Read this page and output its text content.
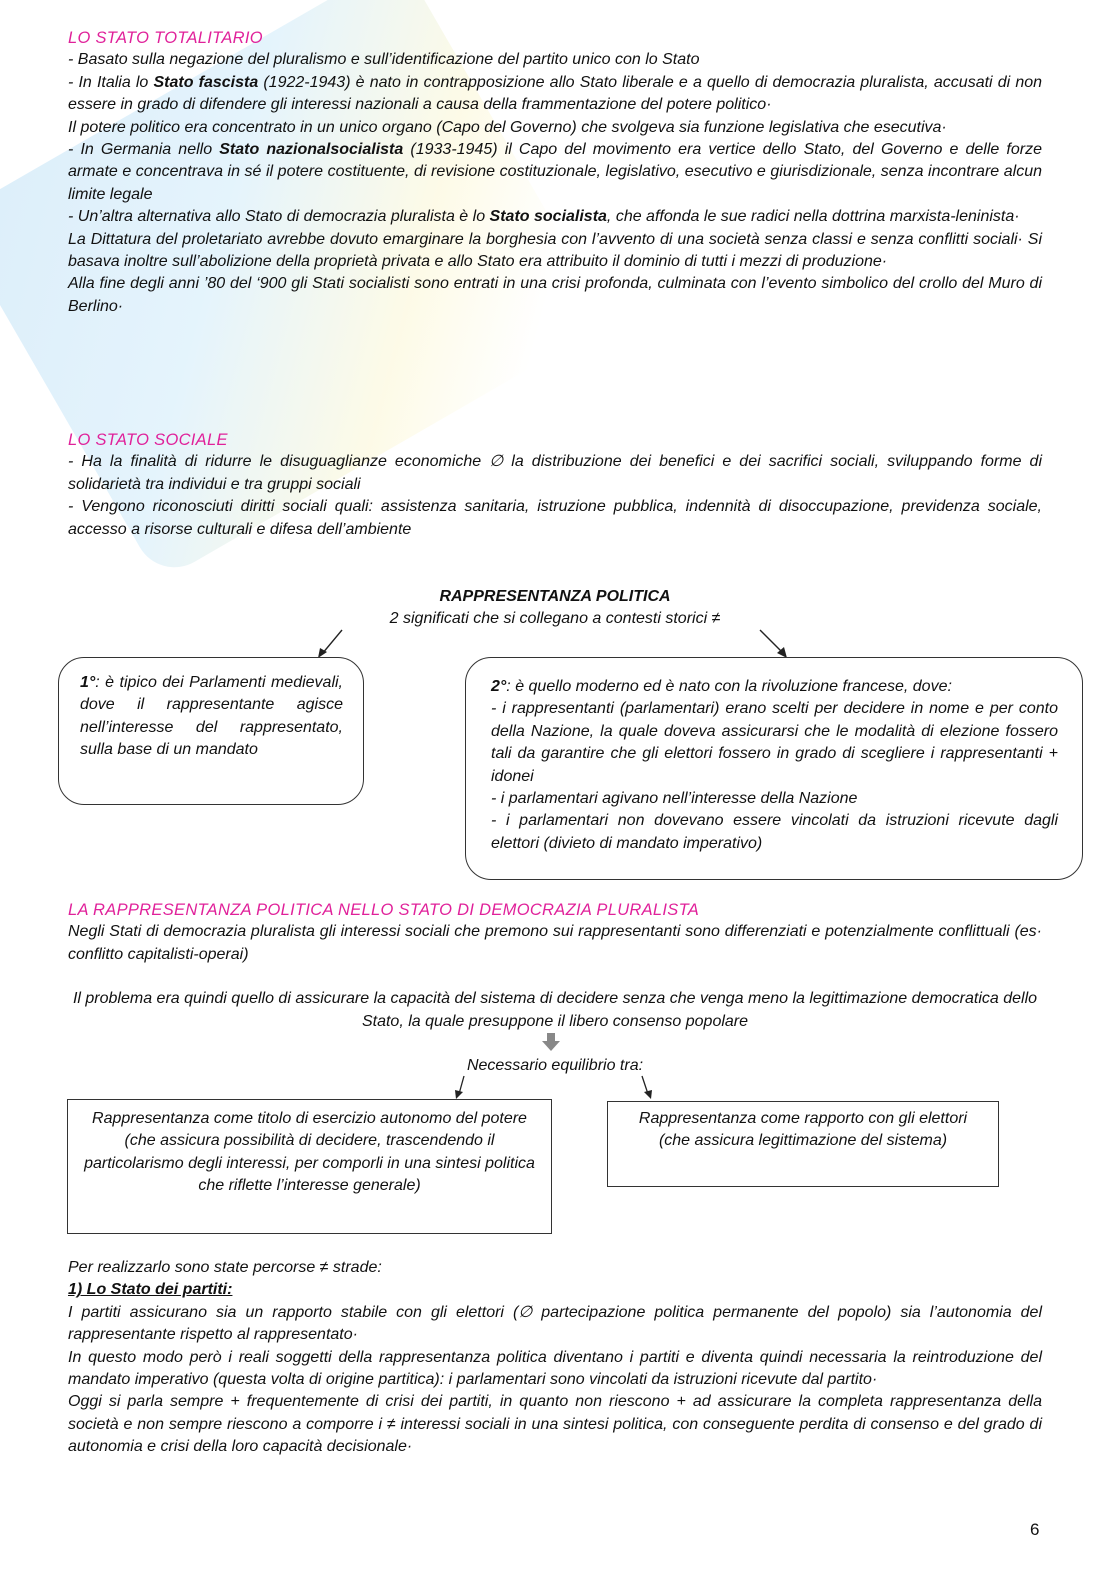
LO STATO TOTALITARIO

- Basato sulla negazione del pluralismo e sull’identificazione del partito unico con lo Stato

- In Italia lo Stato fascista (1922-1943) è nato in contrapposizione allo Stato liberale e a quello di democrazia pluralista, accusati di non essere in grado di difendere gli interessi nazionali a causa della frammentazione del potere politico·

Il potere politico era concentrato in un unico organo (Capo del Governo) che svolgeva sia funzione legislativa che esecutiva·

- In Germania nello Stato nazionalsocialista (1933-1945) il Capo del movimento era vertice dello Stato, del Governo e delle forze armate e concentrava in sé il potere costituente, di revisione costituzionale, legislativo, esecutivo e giurisdizionale, senza incontrare alcun limite legale

- Un’altra alternativa allo Stato di democrazia pluralista è lo Stato socialista, che affonda le sue radici nella dottrina marxista-leninista·

La Dittatura del proletariato avrebbe dovuto emarginare la borghesia con l’avvento di una società senza classi e senza conflitti sociali· Si basava inoltre sull’abolizione della proprietà privata e allo Stato era attribuito il dominio di tutti i mezzi di produzione·

Alla fine degli anni ’80 del ‘900 gli Stati socialisti sono entrati in una crisi profonda, culminata con l’evento simbolico del crollo del Muro di Berlino·

LO STATO SOCIALE

- Ha la finalità di ridurre le disuguaglianze economiche ∅ la distribuzione dei benefici e dei sacrifici sociali, sviluppando forme di solidarietà tra individui e tra gruppi sociali

- Vengono riconosciuti diritti sociali quali: assistenza sanitaria, istruzione pubblica, indennità di disoccupazione, previdenza sociale, accesso a risorse culturali e difesa dell’ambiente

RAPPRESENTANZA POLITICA

2 significati che si collegano a contesti storici ≠

1°: è tipico dei Parlamenti medievali, dove il rappresentante agisce nell’interesse del rappresentato, sulla base di un mandato

2°: è quello moderno ed è nato con la rivoluzione francese, dove:

- i rappresentanti (parlamentari) erano scelti per decidere in nome e per conto della Nazione, la quale doveva assicurarsi che le modalità di elezione fossero tali da garantire che gli elettori fossero in grado di scegliere i rappresentanti + idonei

- i parlamentari agivano nell’interesse della Nazione

- i parlamentari non dovevano essere vincolati da istruzioni ricevute dagli elettori (divieto di mandato imperativo)

LA RAPPRESENTANZA POLITICA NELLO STATO DI DEMOCRAZIA PLURALISTA

Negli Stati di democrazia pluralista gli interessi sociali che premono sui rappresentanti sono differenziati e potenzialmente conflittuali (es· conflitto capitalisti-operai)

Il problema era quindi quello di assicurare la capacità del sistema di decidere senza che venga meno la legittimazione democratica dello Stato, la quale presuppone il libero consenso popolare

Necessario equilibrio tra:

Rappresentanza come titolo di esercizio autonomo del potere

(che assicura possibilità di decidere, trascendendo il particolarismo degli interessi, per comporli in una sintesi politica che riflette l’interesse generale)

Rappresentanza come rapporto con gli elettori

(che assicura legittimazione del sistema)

Per realizzarlo sono state percorse ≠ strade:

1) Lo Stato dei partiti:

I partiti assicurano sia un rapporto stabile con gli elettori (∅ partecipazione politica permanente del popolo) sia l’autonomia del rappresentante rispetto al rappresentato·

In questo modo però i reali soggetti della rappresentanza politica diventano i partiti e diventa quindi necessaria la reintroduzione del mandato imperativo (questa volta di origine partitica): i parlamentari sono vincolati da istruzioni ricevute dal partito·

Oggi si parla sempre + frequentemente di crisi dei partiti, in quanto non riescono + ad assicurare la completa rappresentanza della società e non sempre riescono a comporre i ≠ interessi sociali in una sintesi politica, con conseguente perdita di consenso e del grado di autonomia e crisi della loro capacità decisionale·

6
